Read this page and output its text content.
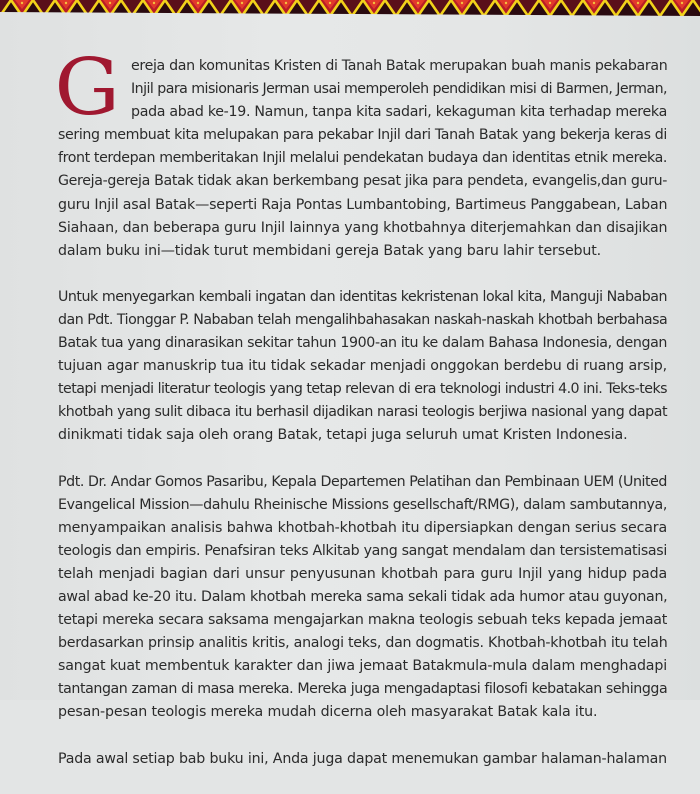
G ereja dan komunitas Kristen di Tanah Batak merupakan buah manis pekabaran
Injil para misionaris Jerman usai memperoleh pendidikan misi di Barmen, Jerman,
pada abad ke-19. Namun, tanpa kita sadari, kekaguman kita terhadap mereka
sering membuat kita melupakan para pekabar Injil dari Tanah Batak yang bekerja keras di
front terdepan memberitakan Injil melalui pendekatan budaya dan identitas etnik mereka.
Gereja-gereja Batak tidak akan berkembang pesat jika para pendeta, evangelis,dan guru-
guru Injil asal Batak—seperti Raja Pontas Lumbantobing, Bartimeus Panggabean, Laban
Siahaan, dan beberapa guru Injil lainnya yang khotbahnya diterjemahkan dan disajikan
dalam buku ini—tidak turut membidani gereja Batak yang baru lahir tersebut.
Untuk menyegarkan kembali ingatan dan identitas kekristenan lokal kita, Manguji Nababan
dan Pdt. Tionggar P. Nababan telah mengalihbahasakan naskah-naskah khotbah berbahasa
Batak tua yang dinarasikan sekitar tahun 1900-an itu ke dalam Bahasa Indonesia, dengan
tujuan agar manuskrip tua itu tidak sekadar menjadi onggokan berdebu di ruang arsip,
tetapi menjadi literatur teologis yang tetap relevan di era teknologi industri 4.0 ini. Teks-teks
khotbah yang sulit dibaca itu berhasil dijadikan narasi teologis berjiwa nasional yang dapat
dinikmati tidak saja oleh orang Batak, tetapi juga seluruh umat Kristen Indonesia.
Pdt. Dr. Andar Gomos Pasaribu, Kepala Departemen Pelatihan dan Pembinaan UEM (United
Evangelical Mission—dahulu Rheinische Missions gesellschaft/RMG), dalam sambutannya,
menyampaikan analisis bahwa khotbah-khotbah itu dipersiapkan dengan serius secara
teologis dan empiris. Penafsiran teks Alkitab yang sangat mendalam dan tersistematisasi
telah menjadi bagian dari unsur penyusunan khotbah para guru Injil yang hidup pada
awal abad ke-20 itu. Dalam khotbah mereka sama sekali tidak ada humor atau guyonan,
tetapi mereka secara saksama mengajarkan makna teologis sebuah teks kepada jemaat
berdasarkan prinsip analitis kritis, analogi teks, dan dogmatis. Khotbah-khotbah itu telah
sangat kuat membentuk karakter dan jiwa jemaat Batakmula-mula dalam menghadapi
tantangan zaman di masa mereka. Mereka juga mengadaptasi filosofi kebatakan sehingga
pesan-pesan teologis mereka mudah dicerna oleh masyarakat Batak kala itu.
Pada awal setiap bab buku ini, Anda juga dapat menemukan gambar halaman-halaman
